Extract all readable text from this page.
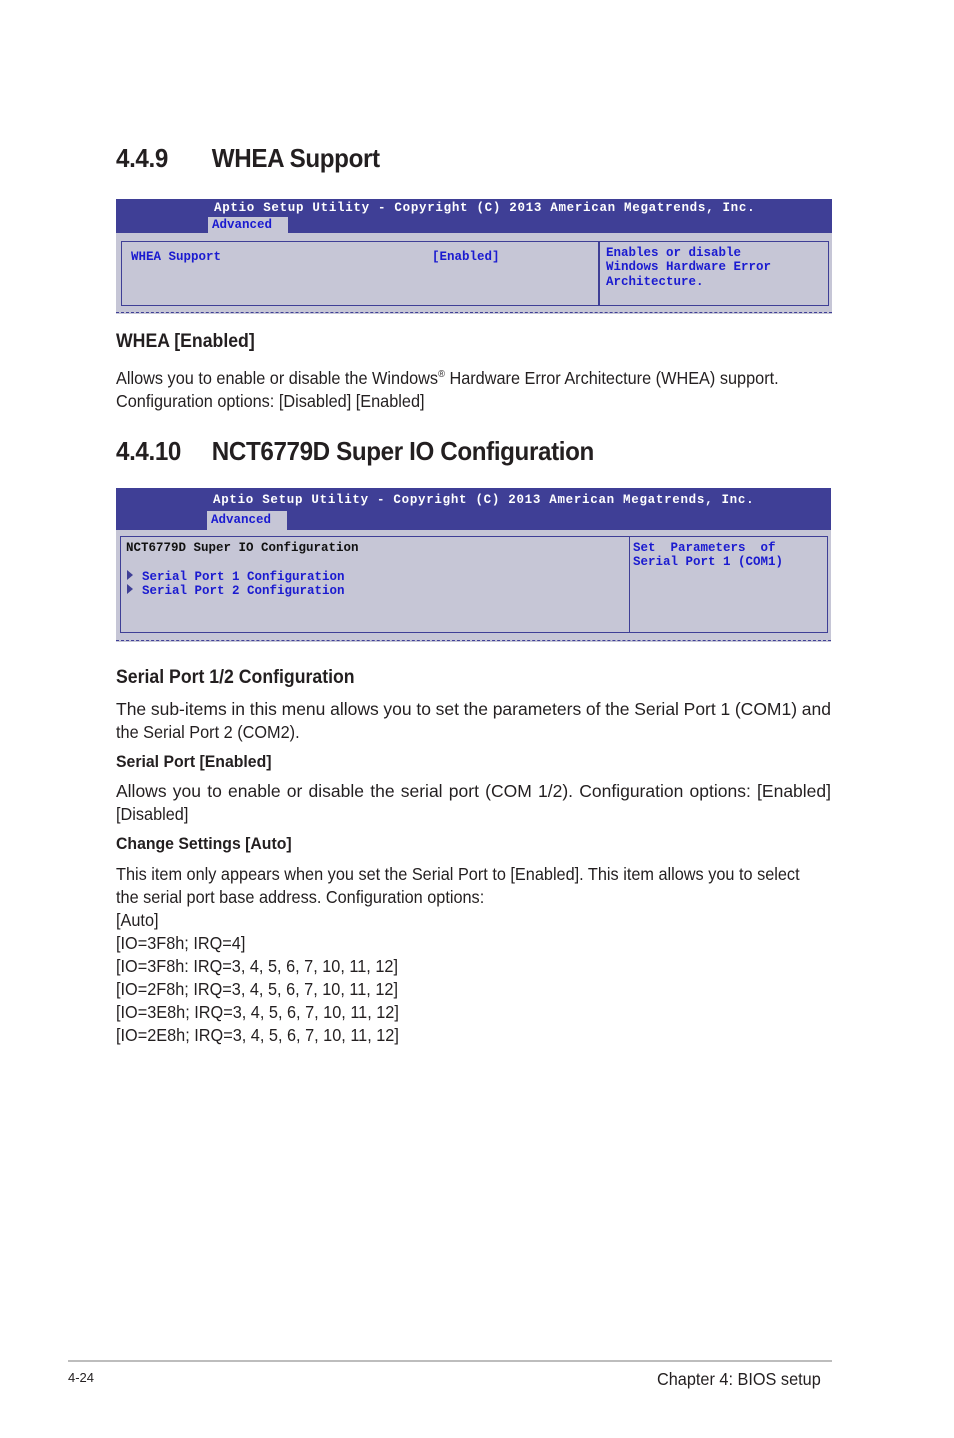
4.4.9 WHEA Support
Aptio Setup Utility - Copyright (C) 2013 American Megatrends, Inc.
Advanced
WHEA Support	[Enabled]	Enables or disable
Windows Hardware Error
Architecture.
WHEA [Enabled]
Allows you to enable or disable the Windows® Hardware Error Architecture (WHEA) support.
Configuration options: [Disabled] [Enabled]
4.4.10 NCT6779D Super IO Configuration
Aptio Setup Utility - Copyright (C) 2013 American Megatrends, Inc.
Advanced
NCT6779D Super IO Configuration
Serial Port 1 Configuration
Serial Port 2 Configuration
Set  Parameters  of
Serial Port 1 (COM1)
Serial Port 1/2 Configuration
The sub-items in this menu allows you to set the parameters of the Serial Port 1 (COM1) and
the Serial Port 2 (COM2).
Serial Port [Enabled]
Allows you to enable or disable the serial port (COM 1/2). Configuration options: [Enabled]
[Disabled]
Change Settings [Auto]
This item only appears when you set the Serial Port to [Enabled]. This item allows you to select
the serial port base address. Configuration options:
[Auto]
[IO=3F8h; IRQ=4]
[IO=3F8h: IRQ=3, 4, 5, 6, 7, 10, 11, 12]
[IO=2F8h; IRQ=3, 4, 5, 6, 7, 10, 11, 12]
[IO=3E8h; IRQ=3, 4, 5, 6, 7, 10, 11, 12]
[IO=2E8h; IRQ=3, 4, 5, 6, 7, 10, 11, 12]
4-24	Chapter 4: BIOS setup
